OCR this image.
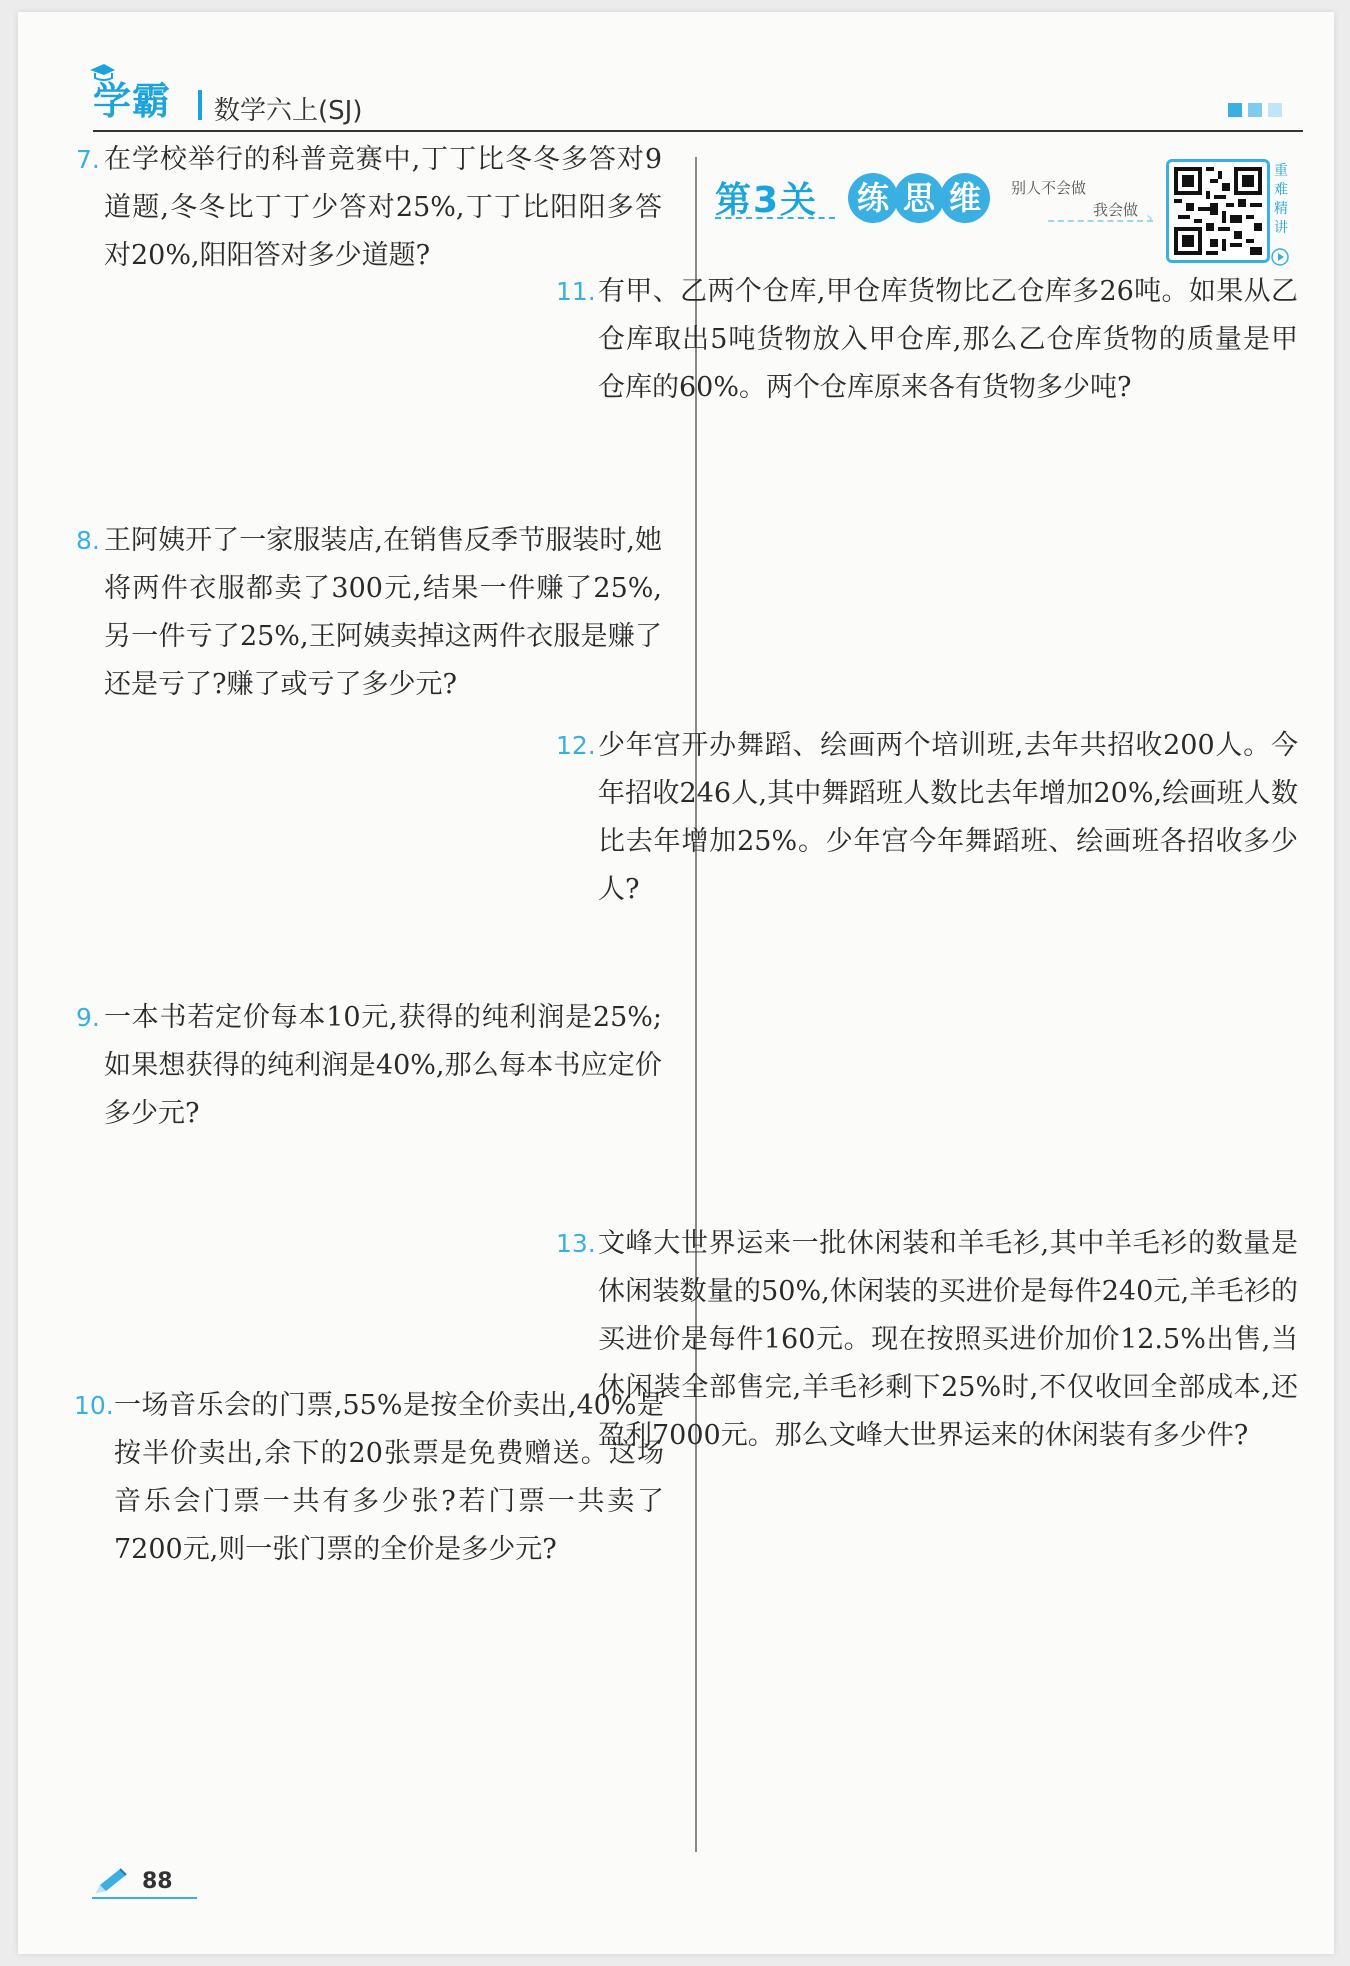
学霸 数学六上(SJ)
7. 在学校举行的科普竞赛中,丁丁比冬冬多答对9道题,冬冬比丁丁少答对25%,丁丁比阳阳多答对20%,阳阳答对多少道题?
8. 王阿姨开了一家服装店,在销售反季节服装时,她将两件衣服都卖了300元,结果一件赚了25%,另一件亏了25%,王阿姨卖掉这两件衣服是赚了还是亏了?赚了或亏了多少元?
9. 一本书若定价每本10元,获得的纯利润是25%;如果想获得的纯利润是40%,那么每本书应定价多少元?
10. 一场音乐会的门票,55%是按全价卖出,40%是按半价卖出,余下的20张票是免费赠送。这场音乐会门票一共有多少张?若门票一共卖了7200元,则一张门票的全价是多少元?
第3关 练 思 维	别人不会做
我会做 ›
重
难
精
讲
11. 有甲、乙两个仓库,甲仓库货物比乙仓库多26吨。如果从乙仓库取出5吨货物放入甲仓库,那么乙仓库货物的质量是甲仓库的60%。两个仓库原来各有货物多少吨?
12. 少年宫开办舞蹈、绘画两个培训班,去年共招收200人。今年招收246人,其中舞蹈班人数比去年增加20%,绘画班人数比去年增加25%。少年宫今年舞蹈班、绘画班各招收多少人?
13. 文峰大世界运来一批休闲装和羊毛衫,其中羊毛衫的数量是休闲装数量的50%,休闲装的买进价是每件240元,羊毛衫的买进价是每件160元。现在按照买进价加价12.5%出售,当休闲装全部售完,羊毛衫剩下25%时,不仅收回全部成本,还盈利7000元。那么文峰大世界运来的休闲装有多少件?
88
